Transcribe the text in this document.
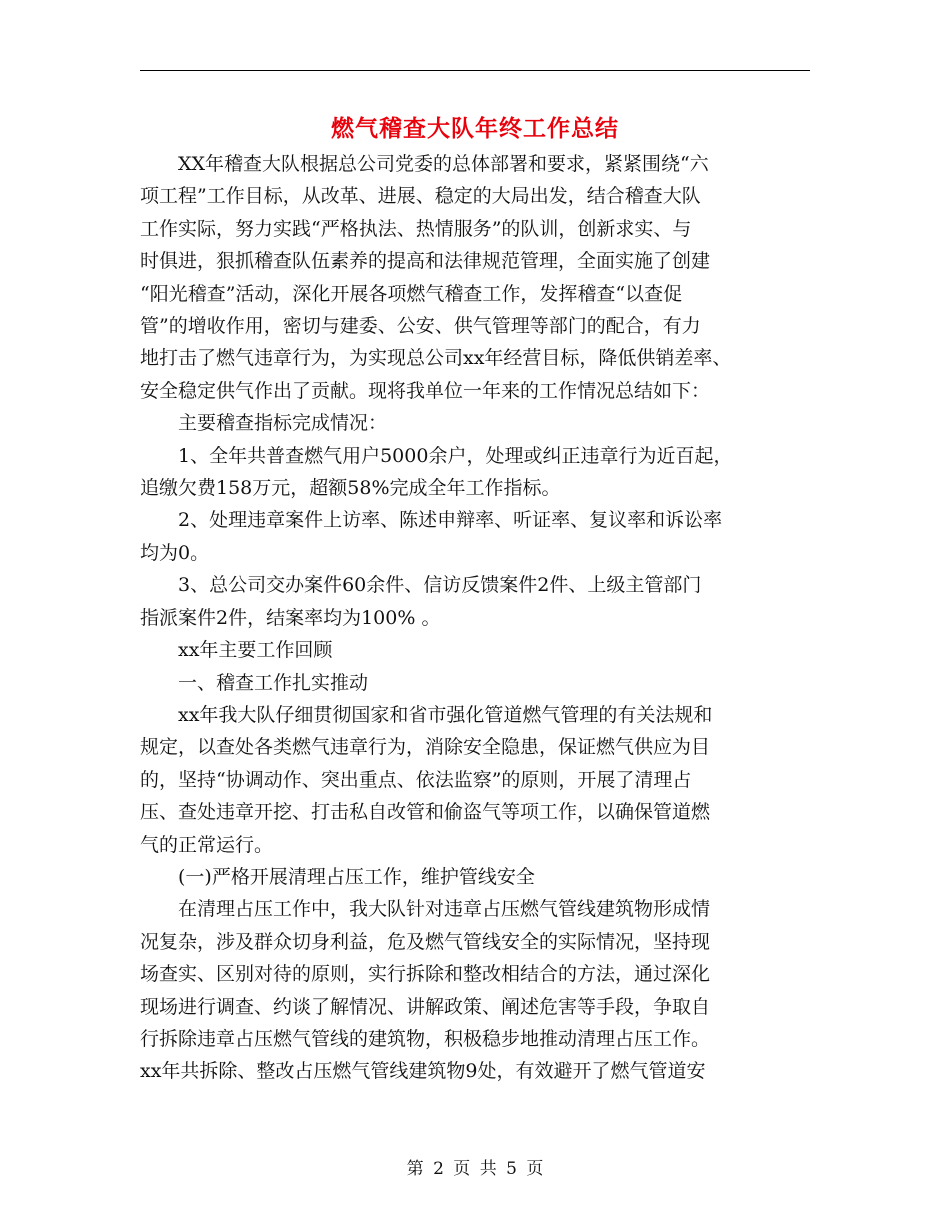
燃气稽查大队年终工作总结

XX年稽查大队根据总公司党委的总体部署和要求，紧紧围绕“六

项工程”工作目标，从改革、进展、稳定的大局出发，结合稽查大队

工作实际，努力实践“严格执法、热情服务”的队训，创新求实、与

时俱进，狠抓稽查队伍素养的提高和法律规范管理，全面实施了创建

“阳光稽查”活动，深化开展各项燃气稽查工作，发挥稽查“以查促

管”的增收作用，密切与建委、公安、供气管理等部门的配合，有力

地打击了燃气违章行为，为实现总公司xx年经营目标，降低供销差率、

安全稳定供气作出了贡献。现将我单位一年来的工作情况总结如下：

主要稽查指标完成情况：

1、全年共普查燃气用户5000余户，处理或纠正违章行为近百起，

追缴欠费158万元，超额58%完成全年工作指标。

2、处理违章案件上访率、陈述申辩率、听证率、复议率和诉讼率

均为0。

3、总公司交办案件60余件、信访反馈案件2件、上级主管部门

指派案件2件，结案率均为100% 。

xx年主要工作回顾

一、稽查工作扎实推动

xx年我大队仔细贯彻国家和省市强化管道燃气管理的有关法规和

规定，以查处各类燃气违章行为，消除安全隐患，保证燃气供应为目

的，坚持“协调动作、突出重点、依法监察”的原则，开展了清理占

压、查处违章开挖、打击私自改管和偷盗气等项工作，以确保管道燃

气的正常运行。

(一)严格开展清理占压工作，维护管线安全

在清理占压工作中，我大队针对违章占压燃气管线建筑物形成情

况复杂，涉及群众切身利益，危及燃气管线安全的实际情况，坚持现

场查实、区别对待的原则，实行拆除和整改相结合的方法，通过深化

现场进行调查、约谈了解情况、讲解政策、阐述危害等手段，争取自

行拆除违章占压燃气管线的建筑物，积极稳步地推动清理占压工作。

xx年共拆除、整改占压燃气管线建筑物9处，有效避开了燃气管道安

第 2 页 共 5 页
